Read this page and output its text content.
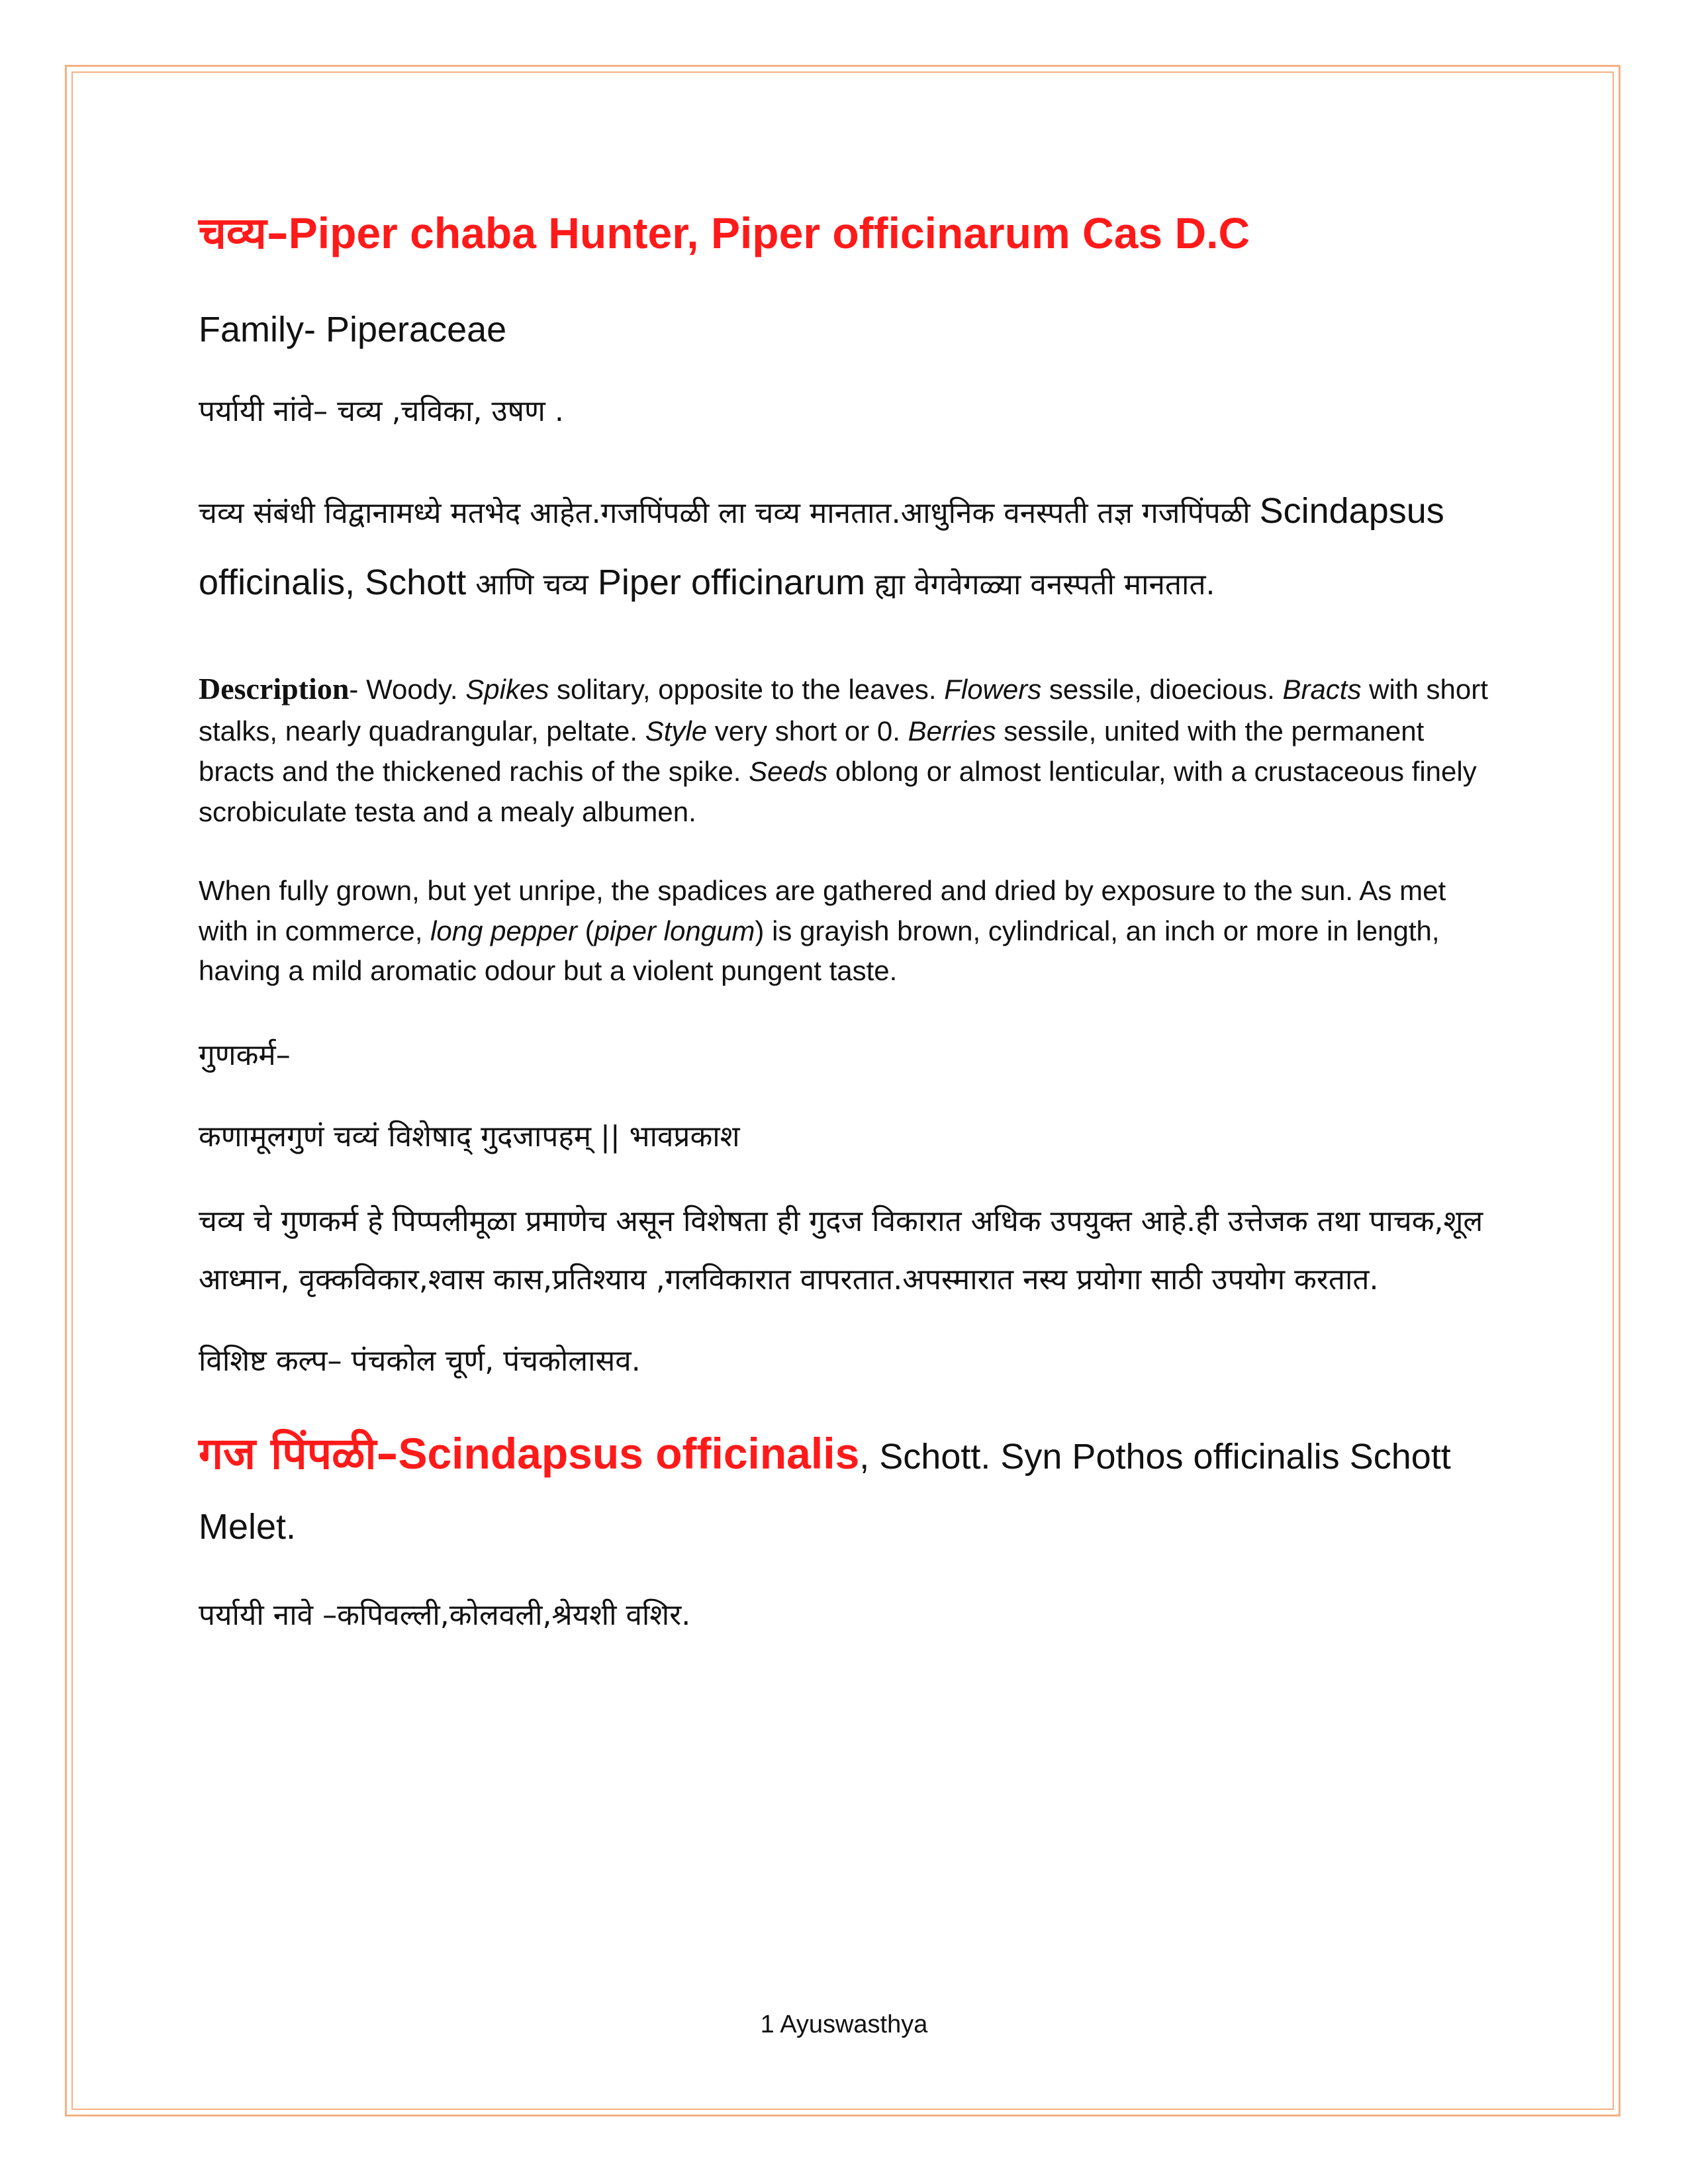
चव्य–Piper chaba Hunter, Piper officinarum Cas D.C

Family- Piperaceae

पर्यायी नांवे– चव्य ,चविका, उषण .

चव्य संबंधी विद्वानामध्ये मतभेद आहेत.गजपिंपळी ला चव्य मानतात.आधुनिक वनस्पती तज्ञ गजपिंपळी Scindapsus officinalis, Schott आणि चव्य Piper officinarum ह्या वेगवेगळ्या वनस्पती मानतात.

Description- Woody. Spikes solitary, opposite to the leaves. Flowers sessile, dioecious. Bracts with short stalks, nearly quadrangular, peltate. Style very short or 0. Berries sessile, united with the permanent bracts and the thickened rachis of the spike. Seeds oblong or almost lenticular, with a crustaceous finely scrobiculate testa and a mealy albumen.

When fully grown, but yet unripe, the spadices are gathered and dried by exposure to the sun. As met with in commerce, long pepper (piper longum) is grayish brown, cylindrical, an inch or more in length, having a mild aromatic odour but a violent pungent taste.

गुणकर्म–

कणामूलगुणं चव्यं विशेषाद् गुदजापहम् || भावप्रकाश

चव्य चे गुणकर्म हे पिप्पलीमूळा प्रमाणेच असून विशेषता ही गुदज विकारात अधिक उपयुक्त आहे.ही उत्तेजक तथा पाचक,शूल आध्मान, वृक्कविकार,श्वास कास,प्रतिश्याय ,गलविकारात वापरतात.अपस्मारात नस्य प्रयोगा साठी उपयोग करतात.

विशिष्ट कल्प– पंचकोल चूर्ण, पंचकोलासव.

गज पिंपळी–Scindapsus officinalis, Schott. Syn Pothos officinalis Schott Melet.

पर्यायी नावे –कपिवल्ली,कोलवली,श्रेयशी वशिर.

1 Ayuswasthya
